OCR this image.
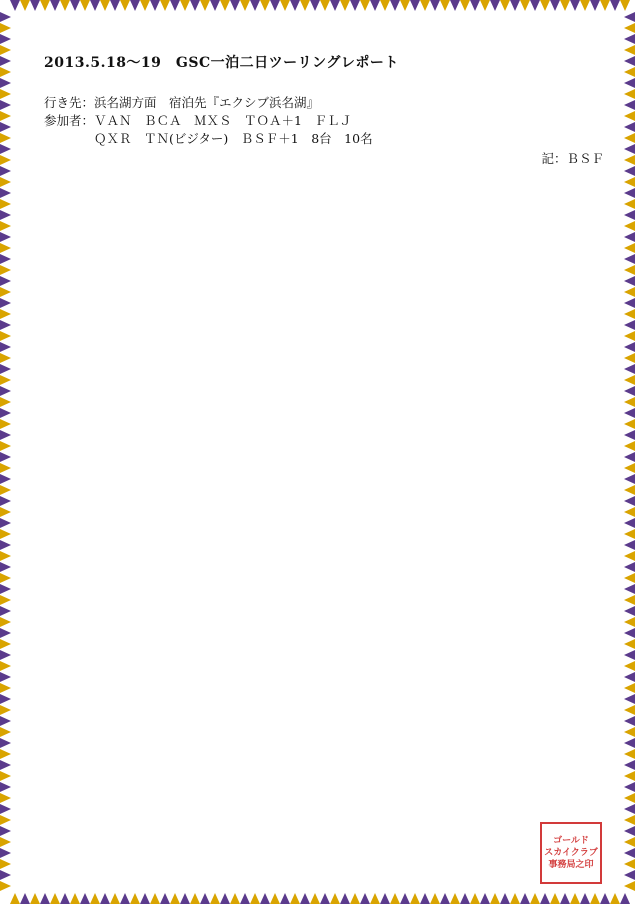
2013.5.18〜19　GSC一泊二日ツーリングレポート
行き先：浜名湖方面　宿泊先『エクシブ浜名湖』
参加者：ＶＡＮ　ＢＣＡ　ＭＸＳ　ＴＯＡ＋1　ＦＬＪ
　　　　ＱＸＲ　ＴＮ(ビジター)　ＢＳＦ＋1　8台　10名
記：ＢＳＦ

ゴールド
スカイクラブ
事務局之印
